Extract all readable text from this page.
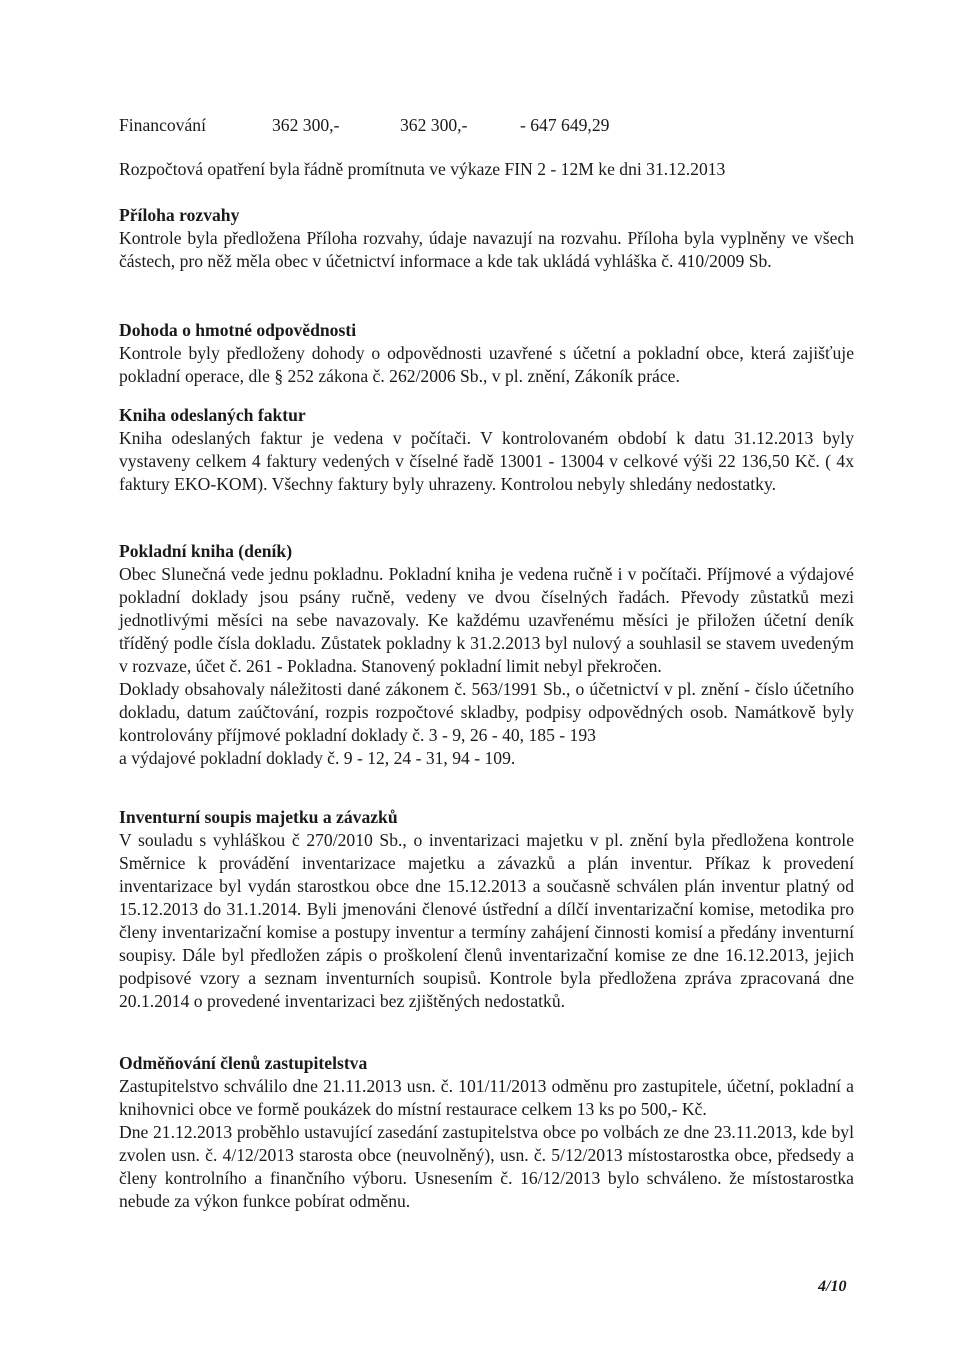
Financování	362 300,-	362 300,-	- 647 649,29
Rozpočtová opatření byla řádně promítnuta ve výkaze FIN 2 - 12M ke dni 31.12.2013
Příloha rozvahy
Kontrole byla předložena Příloha rozvahy, údaje navazují na rozvahu. Příloha byla vyplněny ve všech částech, pro něž měla obec v účetnictví informace a kde tak ukládá vyhláška č. 410/2009 Sb.
Dohoda o hmotné odpovědnosti
Kontrole byly předloženy dohody o odpovědnosti uzavřené s účetní a pokladní obce, která zajišťuje pokladní operace, dle § 252 zákona č. 262/2006 Sb., v pl. znění, Zákoník práce.
Kniha odeslaných faktur
Kniha odeslaných faktur je vedena v počítači. V kontrolovaném období k datu 31.12.2013 byly vystaveny celkem 4 faktury vedených v číselné řadě 13001 - 13004 v celkové výši 22 136,50 Kč. ( 4x faktury EKO-KOM). Všechny faktury byly uhrazeny. Kontrolou nebyly shledány nedostatky.
Pokladní kniha (deník)
Obec Slunečná vede jednu pokladnu. Pokladní kniha je vedena ručně i v počítači. Příjmové a výdajové pokladní doklady jsou psány ručně, vedeny ve dvou číselných řadách. Převody zůstatků mezi jednotlivými měsíci na sebe navazovaly. Ke každému uzavřenému měsíci je přiložen účetní deník tříděný podle čísla dokladu. Zůstatek pokladny k 31.2.2013 byl nulový a souhlasil se stavem uvedeným v rozvaze, účet č. 261 - Pokladna. Stanovený pokladní limit nebyl překročen.
Doklady obsahovaly náležitosti dané zákonem č. 563/1991 Sb., o účetnictví v pl. znění - číslo účetního dokladu, datum zaúčtování, rozpis rozpočtové skladby, podpisy odpovědných osob. Namátkově byly kontrolovány příjmové pokladní doklady č. 3 - 9, 26 - 40, 185 - 193
a výdajové pokladní doklady č. 9 - 12, 24 - 31, 94 - 109.
Inventurní soupis majetku a závazků
V souladu s vyhláškou č 270/2010 Sb., o inventarizaci majetku v pl. znění byla předložena kontrole Směrnice k provádění inventarizace majetku a závazků a plán inventur. Příkaz k provedení inventarizace byl vydán starostkou obce dne 15.12.2013 a současně schválen plán inventur platný od 15.12.2013 do 31.1.2014. Byli jmenováni členové ústřední a dílčí inventarizační komise, metodika pro členy inventarizační komise a postupy inventur a termíny zahájení činnosti komisí a předány inventurní soupisy. Dále byl předložen zápis o proškolení členů inventarizační komise ze dne 16.12.2013, jejich podpisové vzory a seznam inventurních soupisů. Kontrole byla předložena zpráva zpracovaná dne 20.1.2014 o provedené inventarizaci bez zjištěných nedostatků.
Odměňování členů zastupitelstva
Zastupitelstvo schválilo dne 21.11.2013 usn. č. 101/11/2013 odměnu pro zastupitele, účetní, pokladní a knihovnici obce ve formě poukázek do místní restaurace celkem 13 ks po 500,- Kč.
Dne 21.12.2013 proběhlo ustavující zasedání zastupitelstva obce po volbách ze dne 23.11.2013, kde byl zvolen usn. č. 4/12/2013 starosta obce (neuvolněný), usn. č. 5/12/2013 místostarostka obce, předsedy a členy kontrolního a finančního výboru. Usnesením č. 16/12/2013 bylo schváleno. že místostarostka nebude za výkon funkce pobírat odměnu.
4/10
